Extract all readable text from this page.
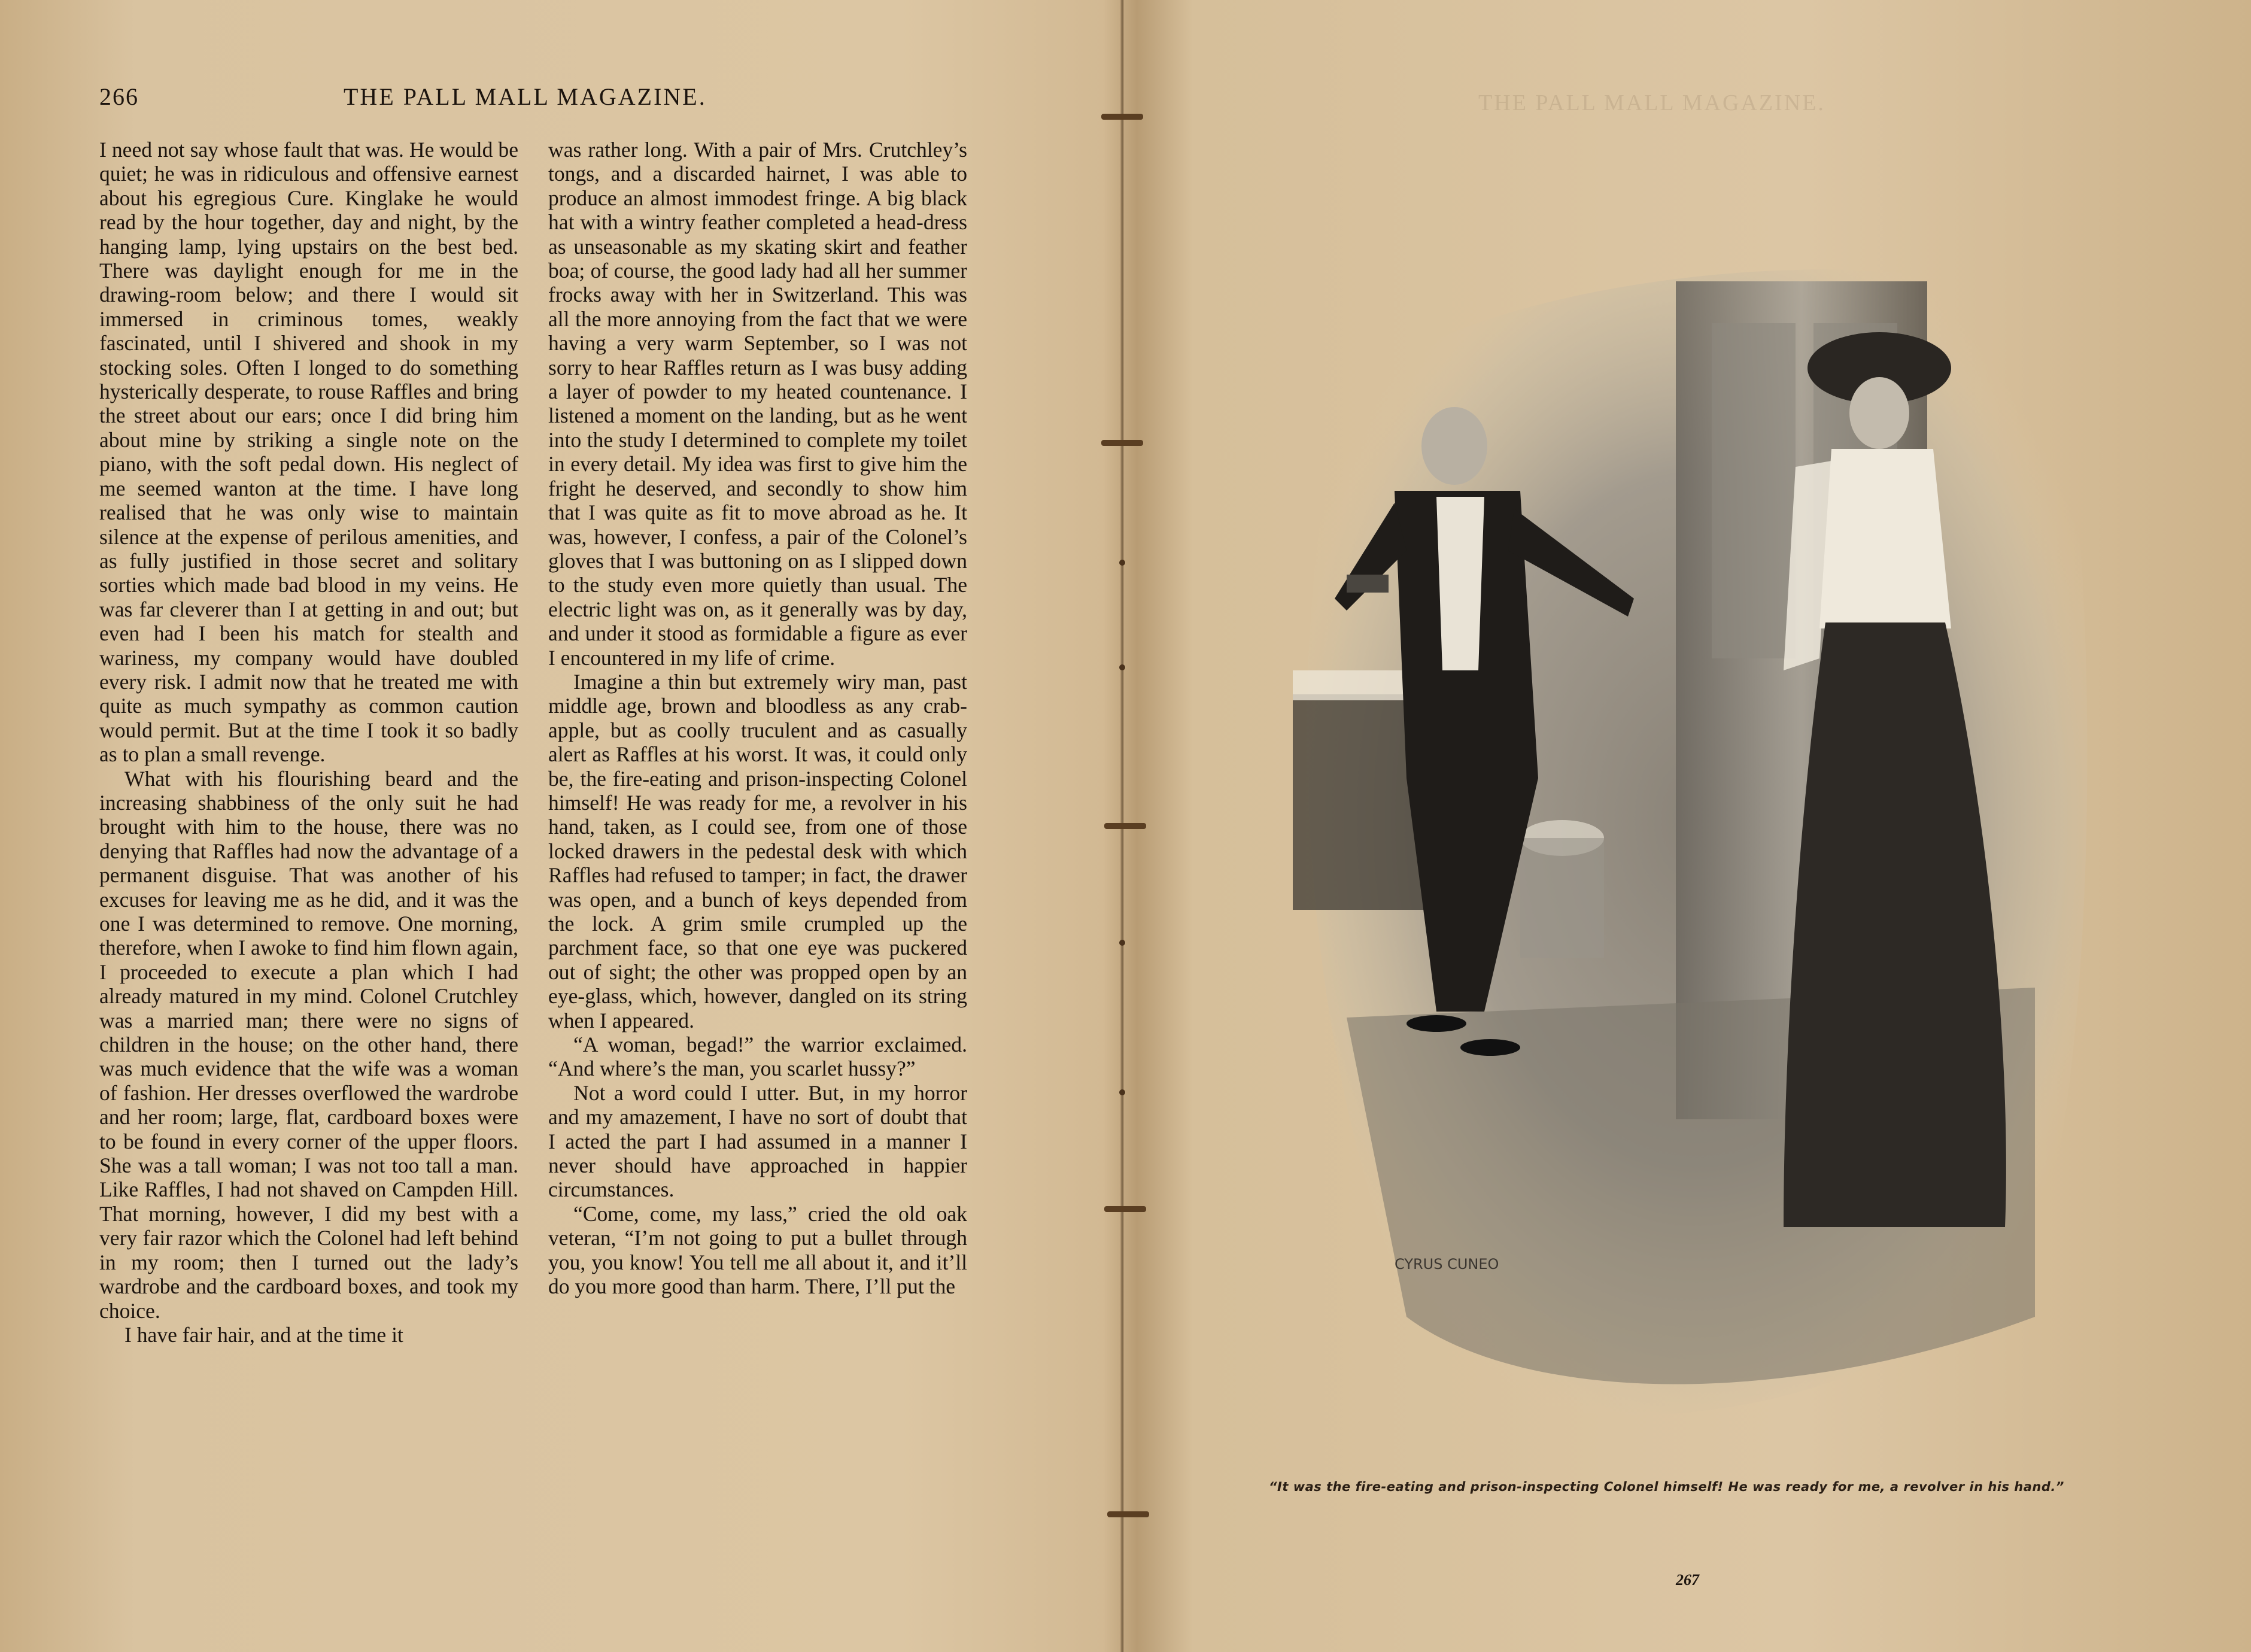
266	THE PALL MALL MAGAZINE.

I need not say whose fault that was. He would be quiet; he was in ridiculous and offensive earnest about his egregious Cure. Kinglake he would read by the hour together, day and night, by the hanging lamp, lying upstairs on the best bed. There was daylight enough for me in the drawing-room below; and there I would sit immersed in criminous tomes, weakly fascinated, until I shivered and shook in my stocking soles. Often I longed to do something hysterically desperate, to rouse Raffles and bring the street about our ears; once I did bring him about mine by striking a single note on the piano, with the soft pedal down. His neglect of me seemed wanton at the time. I have long realised that he was only wise to maintain silence at the expense of perilous amenities, and as fully justified in those secret and solitary sorties which made bad blood in my veins. He was far cleverer than I at getting in and out; but even had I been his match for stealth and wariness, my company would have doubled every risk. I admit now that he treated me with quite as much sympathy as common caution would permit. But at the time I took it so badly as to plan a small revenge.

What with his flourishing beard and the increasing shabbiness of the only suit he had brought with him to the house, there was no denying that Raffles had now the advantage of a permanent disguise. That was another of his excuses for leaving me as he did, and it was the one I was determined to remove. One morning, therefore, when I awoke to find him flown again, I proceeded to execute a plan which I had already matured in my mind. Colonel Crutchley was a married man; there were no signs of children in the house; on the other hand, there was much evidence that the wife was a woman of fashion. Her dresses overflowed the wardrobe and her room; large, flat, cardboard boxes were to be found in every corner of the upper floors. She was a tall woman; I was not too tall a man. Like Raffles, I had not shaved on Campden Hill. That morning, however, I did my best with a very fair razor which the Colonel had left behind in my room; then I turned out the lady’s wardrobe and the cardboard boxes, and took my choice.

I have fair hair, and at the time it

was rather long. With a pair of Mrs. Crutchley’s tongs, and a discarded hairnet, I was able to produce an almost immodest fringe. A big black hat with a wintry feather completed a head-dress as unseasonable as my skating skirt and feather boa; of course, the good lady had all her summer frocks away with her in Switzerland. This was all the more annoying from the fact that we were having a very warm September, so I was not sorry to hear Raffles return as I was busy adding a layer of powder to my heated countenance. I listened a moment on the landing, but as he went into the study I determined to complete my toilet in every detail. My idea was first to give him the fright he deserved, and secondly to show him that I was quite as fit to move abroad as he. It was, however, I confess, a pair of the Colonel’s gloves that I was buttoning on as I slipped down to the study even more quietly than usual. The electric light was on, as it generally was by day, and under it stood as formidable a figure as ever I encountered in my life of crime.

Imagine a thin but extremely wiry man, past middle age, brown and bloodless as any crab-apple, but as coolly truculent and as casually alert as Raffles at his worst. It was, it could only be, the fire-eating and prison-inspecting Colonel himself! He was ready for me, a revolver in his hand, taken, as I could see, from one of those locked drawers in the pedestal desk with which Raffles had refused to tamper; in fact, the drawer was open, and a bunch of keys depended from the lock. A grim smile crumpled up the parchment face, so that one eye was puckered out of sight; the other was propped open by an eye-glass, which, however, dangled on its string when I appeared.

“A woman, begad!” the warrior exclaimed. “And where’s the man, you scarlet hussy?”

Not a word could I utter. But, in my horror and my amazement, I have no sort of doubt that I acted the part I had assumed in a manner I never should have approached in happier circumstances.

“Come, come, my lass,” cried the old oak veteran, “I’m not going to put a bullet through you, you know! You tell me all about it, and it’ll do you more good than harm. There, I’ll put the

THE PALL MALL MAGAZINE.
CYRUS CUNEO
“It was the fire-eating and prison-inspecting Colonel himself! He was ready for me, a revolver in his hand.”
267
